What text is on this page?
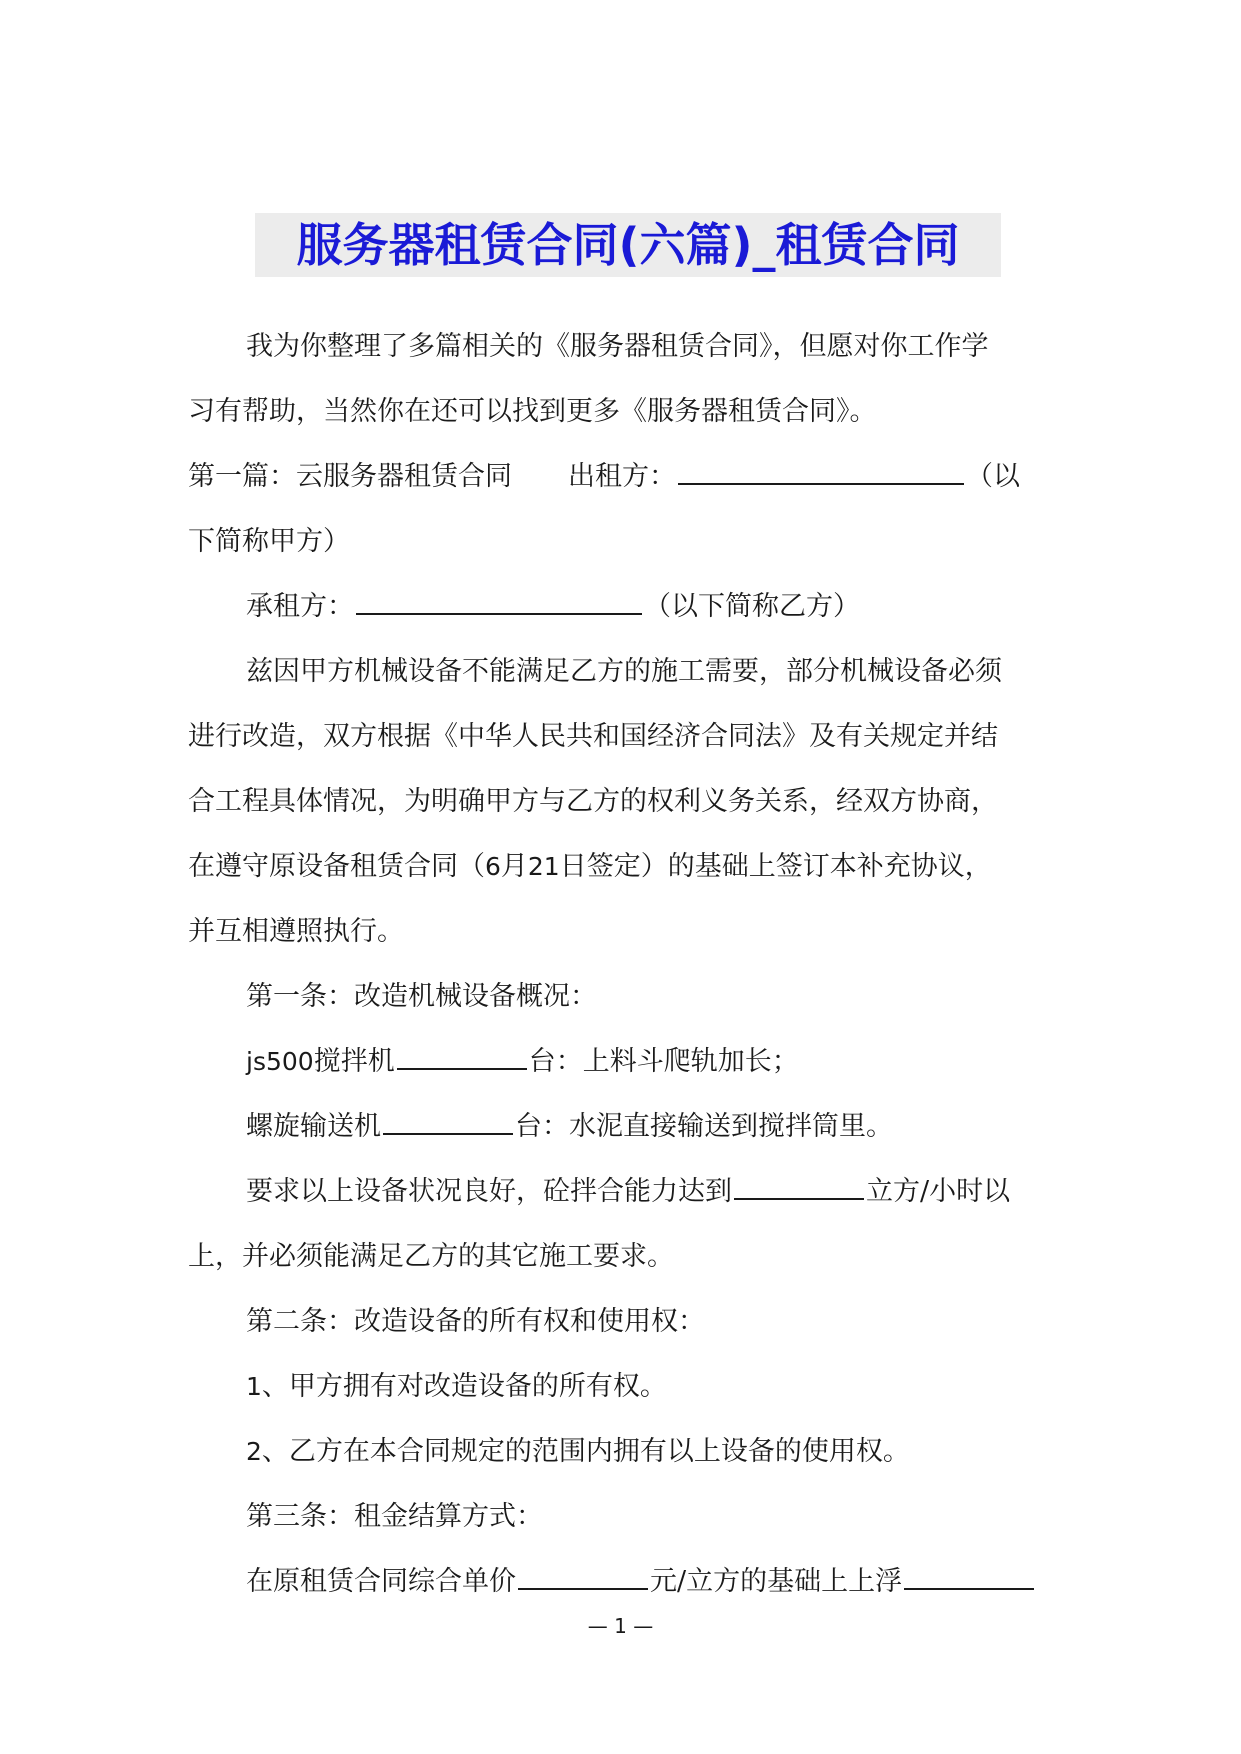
服务器租赁合同(六篇)_租赁合同
我为你整理了多篇相关的《服务器租赁合同》，但愿对你工作学
习有帮助，当然你在还可以找到更多《服务器租赁合同》。
第一篇：云服务器租赁合同 出租方：	（以
下简称甲方）
承租方：	（以下简称乙方）
兹因甲方机械设备不能满足乙方的施工需要，部分机械设备必须
进行改造，双方根据《中华人民共和国经济合同法》及有关规定并结
合工程具体情况，为明确甲方与乙方的权利义务关系，经双方协商，
在遵守原设备租赁合同（6月21日签定）的基础上签订本补充协议，
并互相遵照执行。
第一条：改造机械设备概况：
js500搅拌机	台：上料斗爬轨加长；
螺旋输送机	台：水泥直接输送到搅拌筒里。
要求以上设备状况良好，砼拌合能力达到	立方/小时以
上，并必须能满足乙方的其它施工要求。
第二条：改造设备的所有权和使用权：
1、甲方拥有对改造设备的所有权。
2、乙方在本合同规定的范围内拥有以上设备的使用权。
第三条：租金结算方式：
在原租赁合同综合单价	元/立方的基础上上浮
— 1 —
